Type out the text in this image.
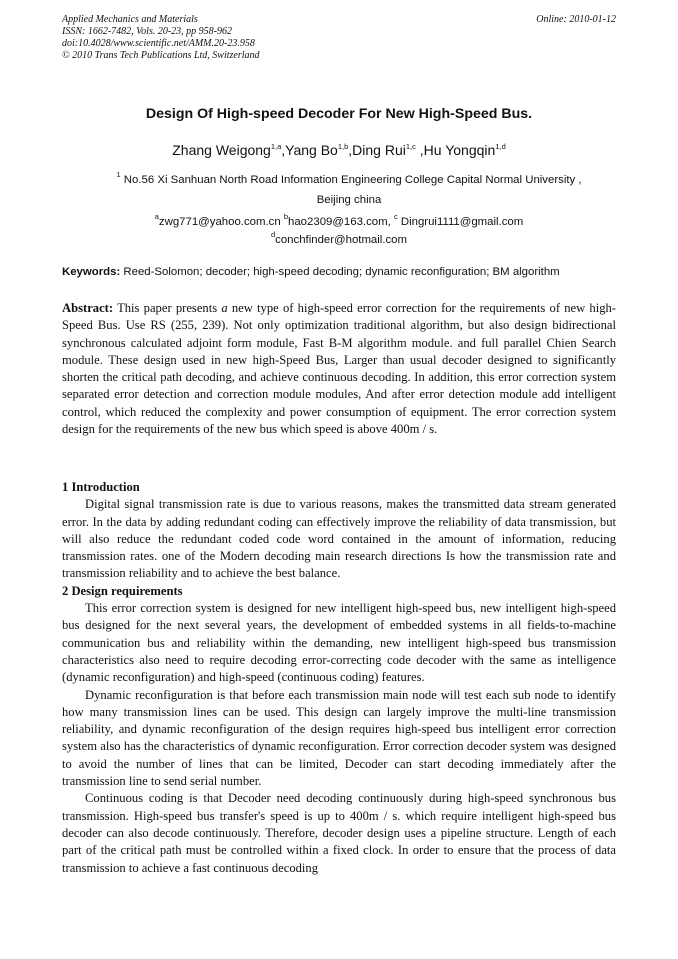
Applied Mechanics and Materials
ISSN: 1662-7482, Vols. 20-23, pp 958-962
doi:10.4028/www.scientific.net/AMM.20-23.958
© 2010 Trans Tech Publications Ltd, Switzerland
Online: 2010-01-12
Design Of High-speed Decoder For New High-Speed Bus.
Zhang Weigong$^{1,a}$,Yang Bo$^{1,b}$,Ding Rui$^{1,c}$ ,Hu Yongqin$^{1,d}$
$^1$ No.56 Xi Sanhuan North Road Information Engineering College Capital Normal University ,
Beijing china
$^a$zwg771@yahoo.com.cn $^b$hao2309@163.com, $^c$ Dingrui1111@gmail.com
$^d$conchfinder@hotmail.com
Keywords: Reed-Solomon; decoder; high-speed decoding; dynamic reconfiguration; BM algorithm

Abstract: This paper presents a new type of high-speed error correction for the requirements of new high-Speed Bus. Use RS (255, 239). Not only optimization traditional algorithm, but also design bidirectional synchronous calculated adjoint form module, Fast B-M algorithm module. and full parallel Chien Search module. These design used in new high-Speed Bus, Larger than usual decoder designed to significantly shorten the critical path decoding, and achieve continuous decoding. In addition, this error correction system separated error detection and correction module modules, And after error detection module add intelligent control, which reduced the complexity and power consumption of equipment. The error correction system design for the requirements of the new bus which speed is above 400m / s.

1 Introduction

Digital signal transmission rate is due to various reasons, makes the transmitted data stream generated error. In the data by adding redundant coding can effectively improve the reliability of data transmission, but will also reduce the redundant coded code word contained in the amount of information, reducing transmission rates. one of the Modern decoding main research directions Is how the transmission rate and transmission reliability and to achieve the best balance.

2 Design requirements

This error correction system is designed for new intelligent high-speed bus, new intelligent high-speed bus designed for the next several years, the development of embedded systems in all fields-to-machine communication bus and reliability within the demanding, new intelligent high-speed bus transmission characteristics also need to require decoding error-correcting code decoder with the same as intelligence (dynamic reconfiguration) and high-speed (continuous coding) features.

Dynamic reconfiguration is that before each transmission main node will test each sub node to identify how many transmission lines can be used. This design can largely improve the multi-line transmission reliability, and dynamic reconfiguration of the design requires high-speed bus intelligent error correction system also has the characteristics of dynamic reconfiguration. Error correction decoder system was designed to avoid the number of lines that can be limited, Decoder can start decoding immediately after the transmission line to send serial number.

Continuous coding is that Decoder need decoding continuously during high-speed synchronous bus transmission. High-speed bus transfer's speed is up to 400m / s. which require intelligent high-speed bus decoder can also decode continuously. Therefore, decoder design uses a pipeline structure. Length of each part of the critical path must be controlled within a fixed clock. In order to ensure that the process of data transmission to achieve a fast continuous decoding
